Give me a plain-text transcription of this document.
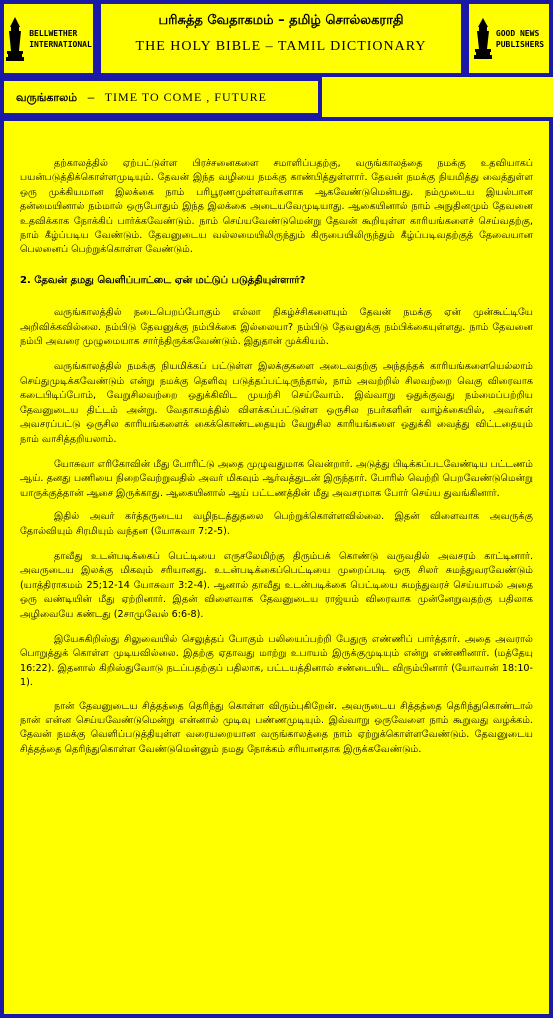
BELLWETHER
INTERNATIONAL
பரிசுத்த வேதாகமம் – தமிழ் சொல்லகராதி
THE HOLY BIBLE – TAMIL DICTIONARY
GOOD NEWS
PUBLISHERS
வருங்காலம் – TIME TO COME , FUTURE

தற்காலத்தில் ஏற்பட்டுள்ள பிரச்சனைகளை சமாளிப்பதற்கு, வருங்காலத்தை நமக்கு உதவியாகப் பயன்படுத்திக்கொள்ளமுடியும். தேவன் இந்த வழியை நமக்கு காண்பித்துள்ளார். தேவன் நமக்கு நியமித்து வைத்துள்ள ஒரு முக்கியமான இலக்கை நாம் பரிபூரணமுள்ளவர்களாக ஆகவேண்டுமென்பது. நம்முடைய இயல்பான தன்மையினால் நம்மால் ஒருபோதும் இந்த இலக்கை அடையவேமுடியாது. ஆகையினால் நாம் அநுதினமும் தேவனை உதவிக்காக நோக்கிப் பார்க்கவேண்டும். நாம் செய்யவேண்டுமென்று தேவன் கூறியுள்ள காரியங்களைச் செய்வதற்கு, நாம் கீழ்ப்படிய வேண்டும். தேவனுடைய வல்லமையிலிருந்தும் கிருபையிலிருந்தும் கீழ்ப்படிவதற்குத் தேவையான பெலனைப் பெற்றுக்கொள்ள வேண்டும்.

2. தேவன் தமது வெளிப்பாட்டை ஏன் மட்டுப் படுத்தியுள்ளார்?

வருங்காலத்தில் நடைபெறப்போகும் எல்லா நிகழ்ச்சிகளையும் தேவன் நமக்கு ஏன் முன்கூட்டியே அறிவிக்கவில்லை. நம்பிடு தேவனுக்கு நம்பிக்கை இல்லையா? நம்பிடு தேவனுக்கு நம்பிக்கையுள்ளது. நாம் தேவனை நம்பி அவரை முழுமையாக சார்ந்திருக்கவேண்டும். இதுதான் முக்கியம்.

வருங்காலத்தில் நமக்கு நியமிக்கப் பட்டுள்ள இலக்குகளை அடைவதற்கு அந்தந்தக் காரியங்களையெல்லாம் செய்துமுடிக்கவேண்டும் என்று நமக்கு தெளிவு படுத்தப்பட்டிருந்தால், நாம் அவற்றில் சிலவற்றை வெகு விரைவாக கடைபிடிப்போம், வேறுசிலவற்றை ஒதுக்கிவிட முயற்சி செய்வோம். இவ்வாறு ஒதுக்குவது நம்மைப்பற்றிய தேவனுடைய திட்டம் அன்று. வேதாகமத்தில் விளக்கப்பட்டுள்ள ஒருசில நபர்களின் வாழ்க்கையில், அவர்கள் அவசரப்பட்டு ஒருசில காரியங்களைக் கைக்கொண்டதையும் வேறுசில காரியங்களை ஒதுக்கி வைத்து விட்டதையும் நாம் வாசித்தறியலாம்.

யோசுவா எரிகோவின் மீது போரிட்டு அதை முழுவதுமாக வென்றார். அடுத்து பிடிக்கப்படவேண்டிய பட்டணம் ஆய். தனது பணியை நிறைவேற்றுவதில் அவர் மிகவும் ஆர்வத்துடன் இருந்தார். போரில் வெற்றி பெறவேண்டுமென்று யாருக்குத்தான் ஆசை இருக்காது. ஆகையினால் ஆய் பட்டணத்தின் மீது அவசரமாக போர் செய்ய துவங்கினார்.

இதில் அவர் கர்த்தருடைய வழிநடத்துதலை பெற்றுக்கொள்ளவில்லை. இதன் விளைவாக அவருக்கு தோல்வியும் சிரமியும் வந்தன (யோசுவா 7:2-5).

தாவீது உடன்படிக்கைப் பெட்டியை எருசலேமிற்கு திரும்பக் கொண்டு வருவதில் அவசரம் காட்டினார். அவருடைய இலக்கு மிகவும் சரியானது. உடன்படிக்கைப்பெட்டியை முறைப்படி ஒரு சிலர் சுமந்துவரவேண்டும் (யாத்திராகமம் 25;12-14 யோசுவா 3:2-4). ஆனால் தாவீது உடன்படிக்கை பெட்டியை சுமந்துவரச் செய்யாமல் அதை ஒரு வண்டியின் மீது ஏற்றினார். இதன் விளைவாக தேவனுடைய ராஜ்யம் விரைவாக முன்னேறுவதற்கு பதிலாக அழிவையே கண்டது (2சாமுவேல் 6:6-8).

இயேசுகிறிஸ்து சிலுவையில் செலுத்தப் போகும் பலியைப்பற்றி பேதுரு எண்ணிப் பார்த்தார். அதை அவரால் பொறுத்துக் கொள்ள முடியவில்லை. இதற்கு ஏதாவது மாற்று உபாயம் இருக்குமுடியும் என்று எண்ணினார். (மத்தேயு 16:22). இதனால் கிறிஸ்துவோடு நடப்பதற்குப் பதிலாக, பட்டயத்தினால் சண்டையிட விரும்பினார் (யோவான் 18:10-1).

நான் தேவனுடைய சித்தத்தை தெரிந்து கொள்ள விரும்புகிறேன். அவருடைய சித்தத்தை தெரிந்துகொண்டால் நான் என்ன செய்யவேண்டுமென்று என்னால் முடிவு பண்ணமுடியும். இவ்வாறு ஒருவேளை நாம் கூறுவது வழக்கம். தேவன் நமக்கு வெளிப்படுத்தியுள்ள வரையறையான வருங்காலத்தை நாம் ஏற்றுக்கொள்ளவேண்டும். தேவனுடைய சித்தத்தை தெரிந்துகொள்ள வேண்டுமென்னும் நமது நோக்கம் சரியானதாக இருக்கவேண்டும்.
